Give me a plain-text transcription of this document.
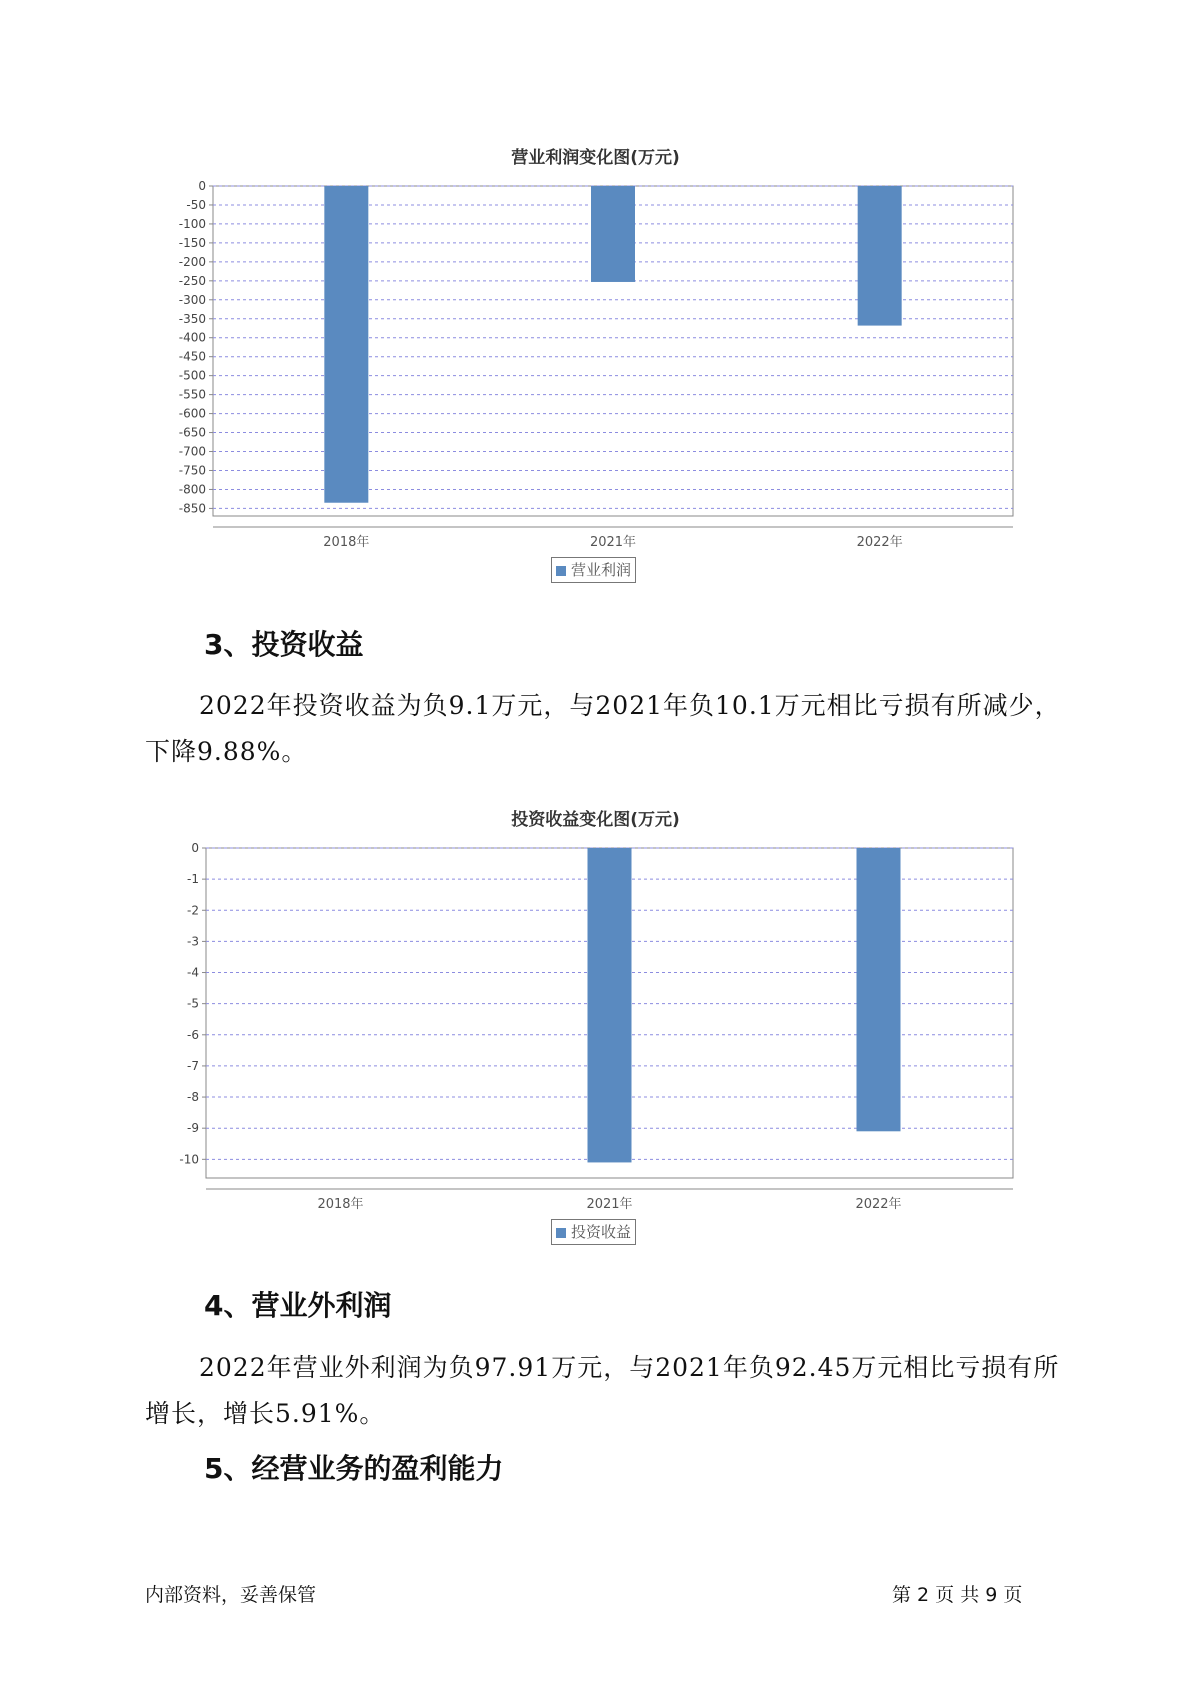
营业利润变化图(万元)
0
-50
-100
-150
-200
-250
-300
-350
-400
-450
-500
-550
-600
-650
-700
-750
-800
-850
2018年	2021年	2022年
0
-1
-2
-3
-4
-5
-6
-7
-8
-9
-10
2018年	2021年	2022年
营业利润
3、投资收益

2022年投资收益为负9.1万元，与2021年负10.1万元相比亏损有所减少，下降9.88%。

投资收益变化图(万元)
投资收益
4、营业外利润

2022年营业外利润为负97.91万元，与2021年负92.45万元相比亏损有所增长，增长5.91%。

5、经营业务的盈利能力
内部资料，妥善保管	第 2 页 共 9 页
